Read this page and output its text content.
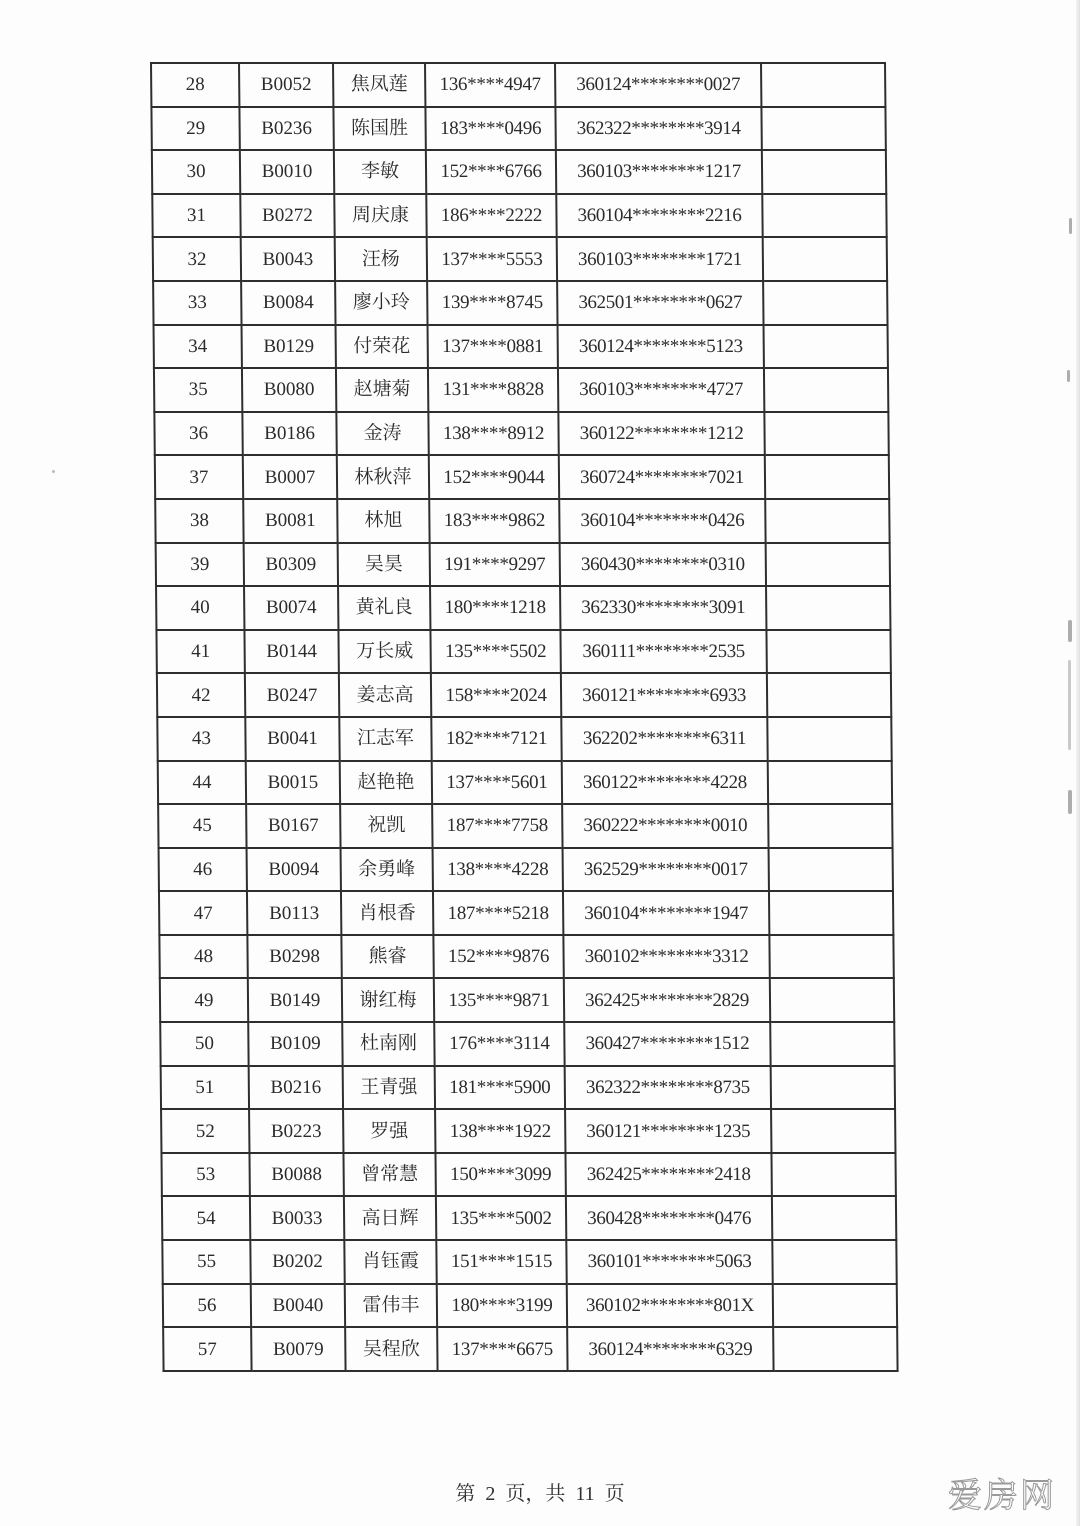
28	B0052	焦凤莲	136****4947	360124********0027	
29	B0236	陈国胜	183****0496	362322********3914	
30	B0010	李敏	152****6766	360103********1217	
31	B0272	周庆康	186****2222	360104********2216	
32	B0043	汪杨	137****5553	360103********1721	
33	B0084	廖小玲	139****8745	362501********0627	
34	B0129	付荣花	137****0881	360124********5123	
35	B0080	赵塘菊	131****8828	360103********4727	
36	B0186	金涛	138****8912	360122********1212	
37	B0007	林秋萍	152****9044	360724********7021	
38	B0081	林旭	183****9862	360104********0426	
39	B0309	吴昊	191****9297	360430********0310	
40	B0074	黄礼良	180****1218	362330********3091	
41	B0144	万长威	135****5502	360111********2535	
42	B0247	姜志高	158****2024	360121********6933	
43	B0041	江志军	182****7121	362202********6311	
44	B0015	赵艳艳	137****5601	360122********4228	
45	B0167	祝凯	187****7758	360222********0010	
46	B0094	余勇峰	138****4228	362529********0017	
47	B0113	肖根香	187****5218	360104********1947	
48	B0298	熊睿	152****9876	360102********3312	
49	B0149	谢红梅	135****9871	362425********2829	
50	B0109	杜南刚	176****3114	360427********1512	
51	B0216	王青强	181****5900	362322********8735	
52	B0223	罗强	138****1922	360121********1235	
53	B0088	曾常慧	150****3099	362425********2418	
54	B0033	高日辉	135****5002	360428********0476	
55	B0202	肖钰霞	151****1515	360101********5063	
56	B0040	雷伟丰	180****3199	360102********801X	
57	B0079	吴程欣	137****6675	360124********6329	
第 2 页，共 11 页	爱房网
